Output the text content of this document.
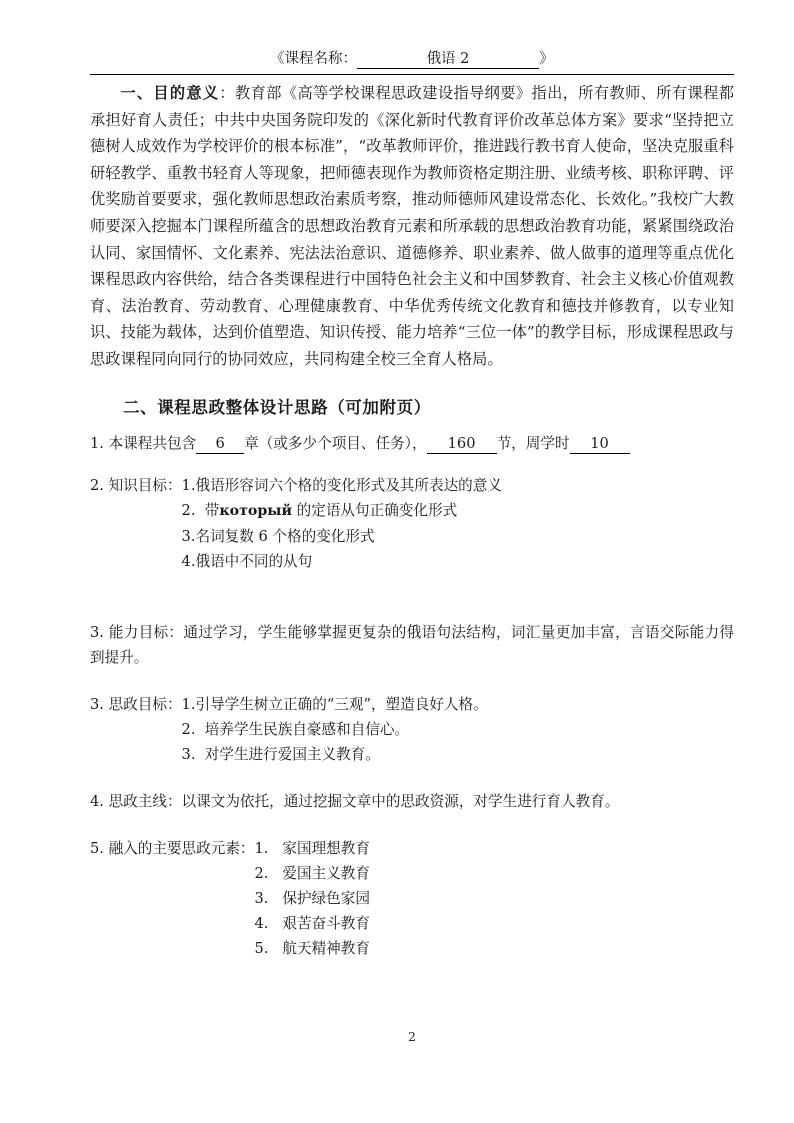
《课程名称：	俄语 2	》

一、目的意义：教育部《高等学校课程思政建设指导纲要》指出，所有教师、所有课程都承担好育人责任；中共中央国务院印发的《深化新时代教育评价改革总体方案》要求“坚持把立德树人成效作为学校评价的根本标准”，“改革教师评价，推进践行教书育人使命，坚决克服重科研轻教学、重教书轻育人等现象，把师德表现作为教师资格定期注册、业绩考核、职称评聘、评优奖励首要要求，强化教师思想政治素质考察，推动师德师风建设常态化、长效化。”我校广大教师要深入挖掘本门课程所蕴含的思想政治教育元素和所承载的思想政治教育功能，紧紧围绕政治认同、家国情怀、文化素养、宪法法治意识、道德修养、职业素养、做人做事的道理等重点优化课程思政内容供给，结合各类课程进行中国特色社会主义和中国梦教育、社会主义核心价值观教育、法治教育、劳动教育、心理健康教育、中华优秀传统文化教育和德技并修教育，以专业知识、技能为载体，达到价值塑造、知识传授、能力培养“三位一体”的教学目标，形成课程思政与思政课程同向同行的协同效应，共同构建全校三全育人格局。

二、课程思政整体设计思路（可加附页）
1. 本课程共包含 6 章（或多少个项目、任务）， 160 节，周学时 10
2. 知识目标： 1. 俄语形容词六个格的变化形式及其所表达的意义
2. 带который 的定语从句正确变化形式
3. 名词复数 6 个格的变化形式
4. 俄语中不同的从句
3. 能力目标：通过学习，学生能够掌握更复杂的俄语句法结构，词汇量更加丰富，言语交际能力得到提升。
3. 思政目标： 1. 引导学生树立正确的“三观”，塑造良好人格。
2. 培养学生民族自豪感和自信心。
3. 对学生进行爱国主义教育。
4. 思政主线：以课文为依托，通过挖掘文章中的思政资源，对学生进行育人教育。
5. 融入的主要思政元素： 1. 家国理想教育
2. 爱国主义教育
3. 保护绿色家园
4. 艰苦奋斗教育
5. 航天精神教育
2
